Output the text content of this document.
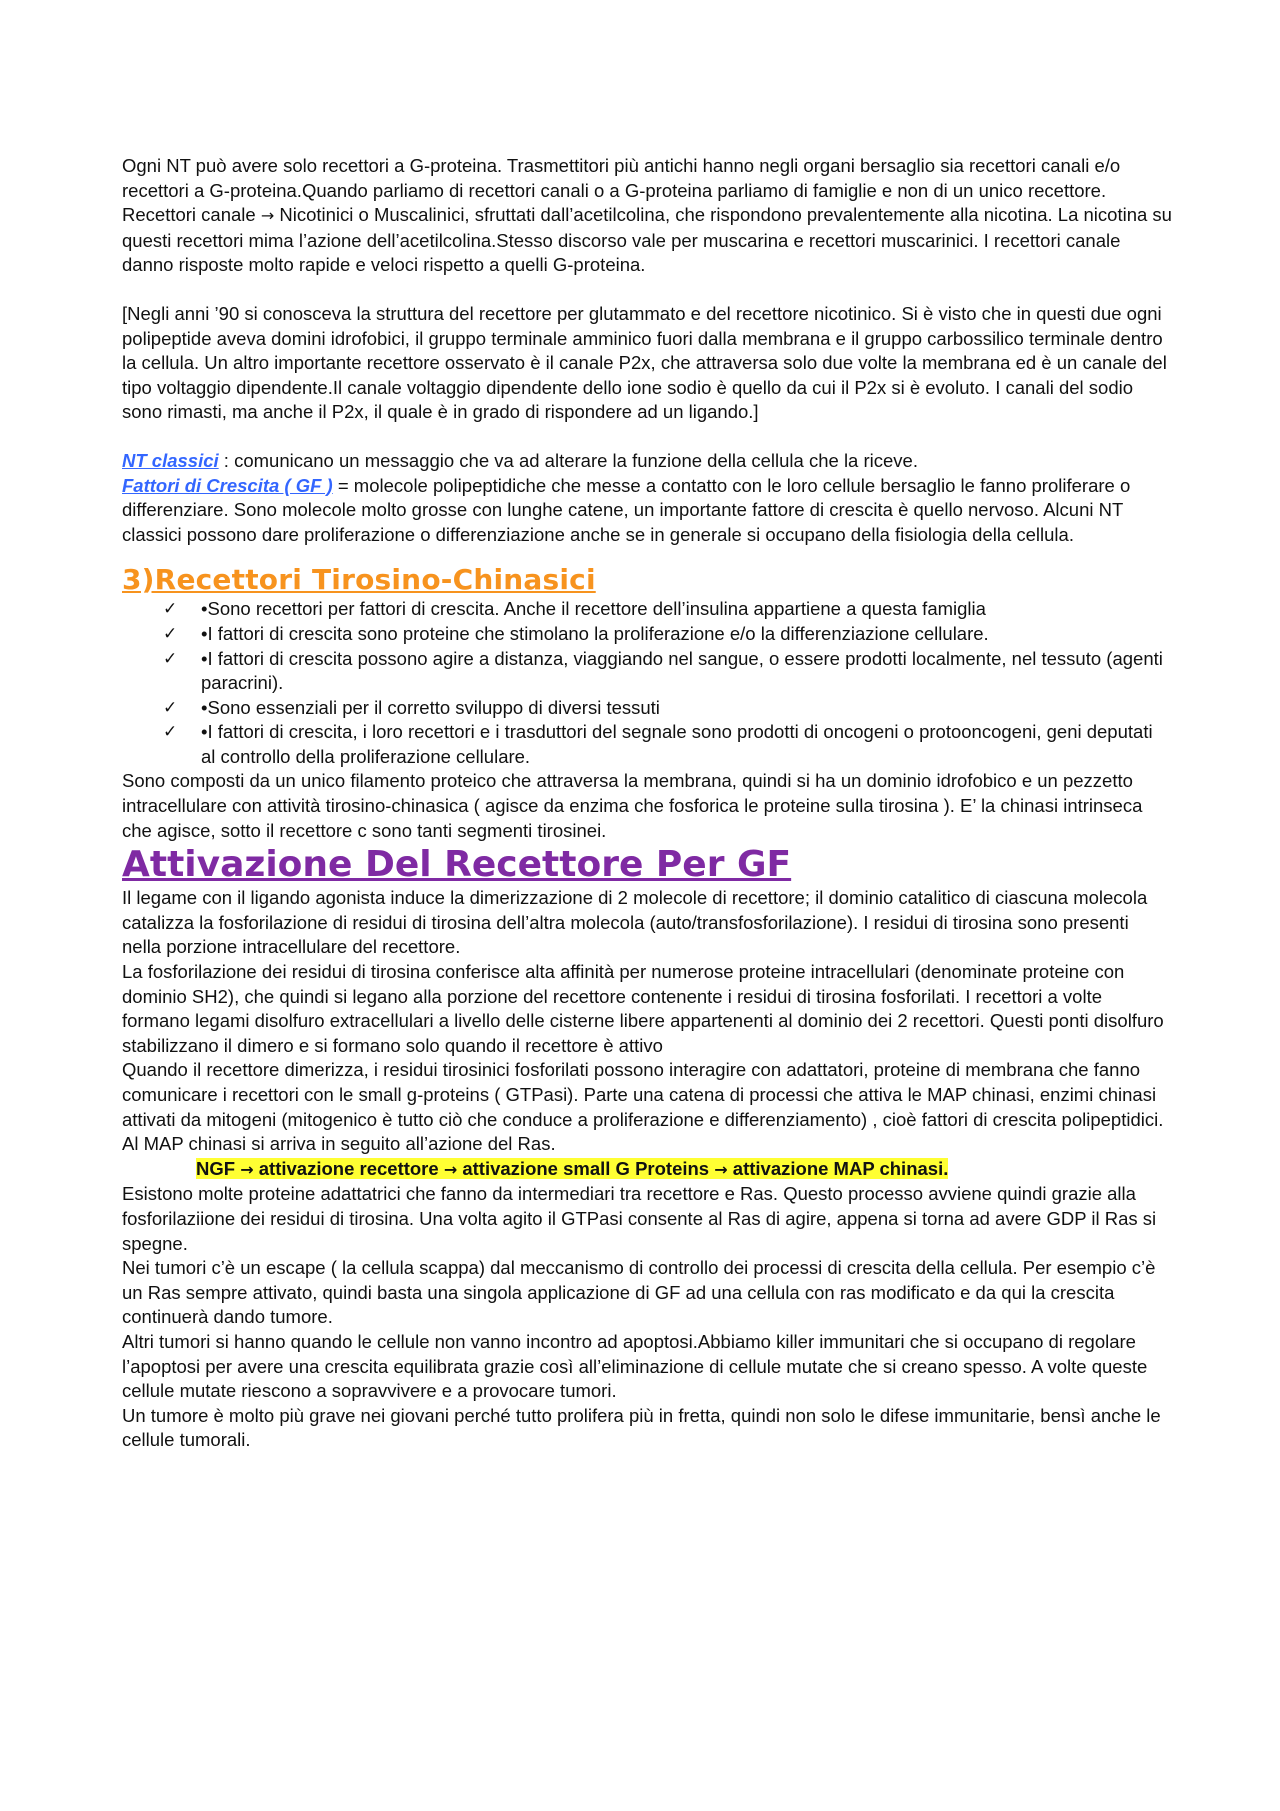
Ogni NT può avere solo recettori a G-proteina. Trasmettitori più antichi hanno negli organi bersaglio sia recettori canali e/o recettori a G-proteina.Quando parliamo di recettori canali o a G-proteina parliamo di famiglie e non di un unico recettore.

Recettori canale → Nicotinici o Muscalinici, sfruttati dall’acetilcolina, che rispondono prevalentemente alla nicotina. La nicotina su questi recettori mima l’azione dell’acetilcolina.Stesso discorso vale per muscarina e recettori muscarinici. I recettori canale danno risposte molto rapide e veloci rispetto a quelli G-proteina.

[Negli anni ’90 si conosceva la struttura del recettore per glutammato e del recettore nicotinico. Si è visto che in questi due ogni polipeptide aveva domini idrofobici, il gruppo terminale amminico fuori dalla membrana e il gruppo carbossilico terminale dentro la cellula. Un altro importante recettore osservato è il canale P2x, che attraversa solo due volte la membrana ed è un canale del tipo voltaggio dipendente.Il canale voltaggio dipendente dello ione sodio è quello da cui il P2x si è evoluto. I canali del sodio sono rimasti, ma anche il P2x, il quale è in grado di rispondere ad un ligando.]

NT classici : comunicano un messaggio che va ad alterare la funzione della cellula che la riceve.

Fattori di Crescita ( GF ) = molecole polipeptidiche che messe a contatto con le loro cellule bersaglio le fanno proliferare o differenziare. Sono molecole molto grosse con lunghe catene, un importante fattore di crescita è quello nervoso. Alcuni NT classici possono dare proliferazione o differenziazione anche se in generale si occupano della fisiologia della cellula.

3)Recettori Tirosino-Chinasici
✓ •Sono recettori per fattori di crescita. Anche il recettore dell’insulina appartiene a questa famiglia
✓ •I fattori di crescita sono proteine che stimolano la proliferazione e/o la differenziazione cellulare.
✓ •I fattori di crescita possono agire a distanza, viaggiando nel sangue, o essere prodotti localmente, nel tessuto (agenti paracrini).
✓ •Sono essenziali per il corretto sviluppo di diversi tessuti
✓ •I fattori di crescita, i loro recettori e i trasduttori del segnale sono prodotti di oncogeni o protooncogeni, geni deputati al controllo della proliferazione cellulare.

Sono composti da un unico filamento proteico che attraversa la membrana, quindi si ha un dominio idrofobico e un pezzetto intracellulare con attività tirosino-chinasica ( agisce da enzima che fosforica le proteine sulla tirosina ). E’ la chinasi intrinseca che agisce, sotto il recettore c sono tanti segmenti tirosinei.

Attivazione Del Recettore Per GF

Il legame con il ligando agonista induce la dimerizzazione di 2 molecole di recettore; il dominio catalitico di ciascuna molecola catalizza la fosforilazione di residui di tirosina dell’altra molecola (auto/transfosforilazione). I residui di tirosina sono presenti nella porzione intracellulare del recettore.

La fosforilazione dei residui di tirosina conferisce alta affinità per numerose proteine intracellulari (denominate proteine con dominio SH2), che quindi si legano alla porzione del recettore contenente i residui di tirosina fosforilati. I recettori a volte formano legami disolfuro extracellulari a livello delle cisterne libere appartenenti al dominio dei 2 recettori. Questi ponti disolfuro stabilizzano il dimero e si formano solo quando il recettore è attivo

Quando il recettore dimerizza, i residui tirosinici fosforilati possono interagire con adattatori, proteine di membrana che fanno comunicare i recettori con le small g-proteins ( GTPasi). Parte una catena di processi che attiva le MAP chinasi, enzimi chinasi attivati da mitogeni (mitogenico è tutto ciò che conduce a proliferazione e differenziamento) , cioè fattori di crescita polipeptidici.

Al MAP chinasi si arriva in seguito all’azione del Ras.

NGF → attivazione recettore → attivazione small G Proteins → attivazione MAP chinasi.

Esistono molte proteine adattatrici che fanno da intermediari tra recettore e Ras. Questo processo avviene quindi grazie alla fosforilaziione dei residui di tirosina. Una volta agito il GTPasi consente al Ras di agire, appena si torna ad avere GDP il Ras si spegne.

Nei tumori c’è un escape ( la cellula scappa) dal meccanismo di controllo dei processi di crescita della cellula. Per esempio c’è un Ras sempre attivato, quindi basta una singola applicazione di GF ad una cellula con ras modificato e da qui la crescita continuerà dando tumore.

Altri tumori si hanno quando le cellule non vanno incontro ad apoptosi.Abbiamo killer immunitari che si occupano di regolare l’apoptosi per avere una crescita equilibrata grazie così all’eliminazione di cellule mutate che si creano spesso. A volte queste cellule mutate riescono a sopravvivere e a provocare tumori.

Un tumore è molto più grave nei giovani perché tutto prolifera più in fretta, quindi non solo le difese immunitarie, bensì anche le cellule tumorali.
